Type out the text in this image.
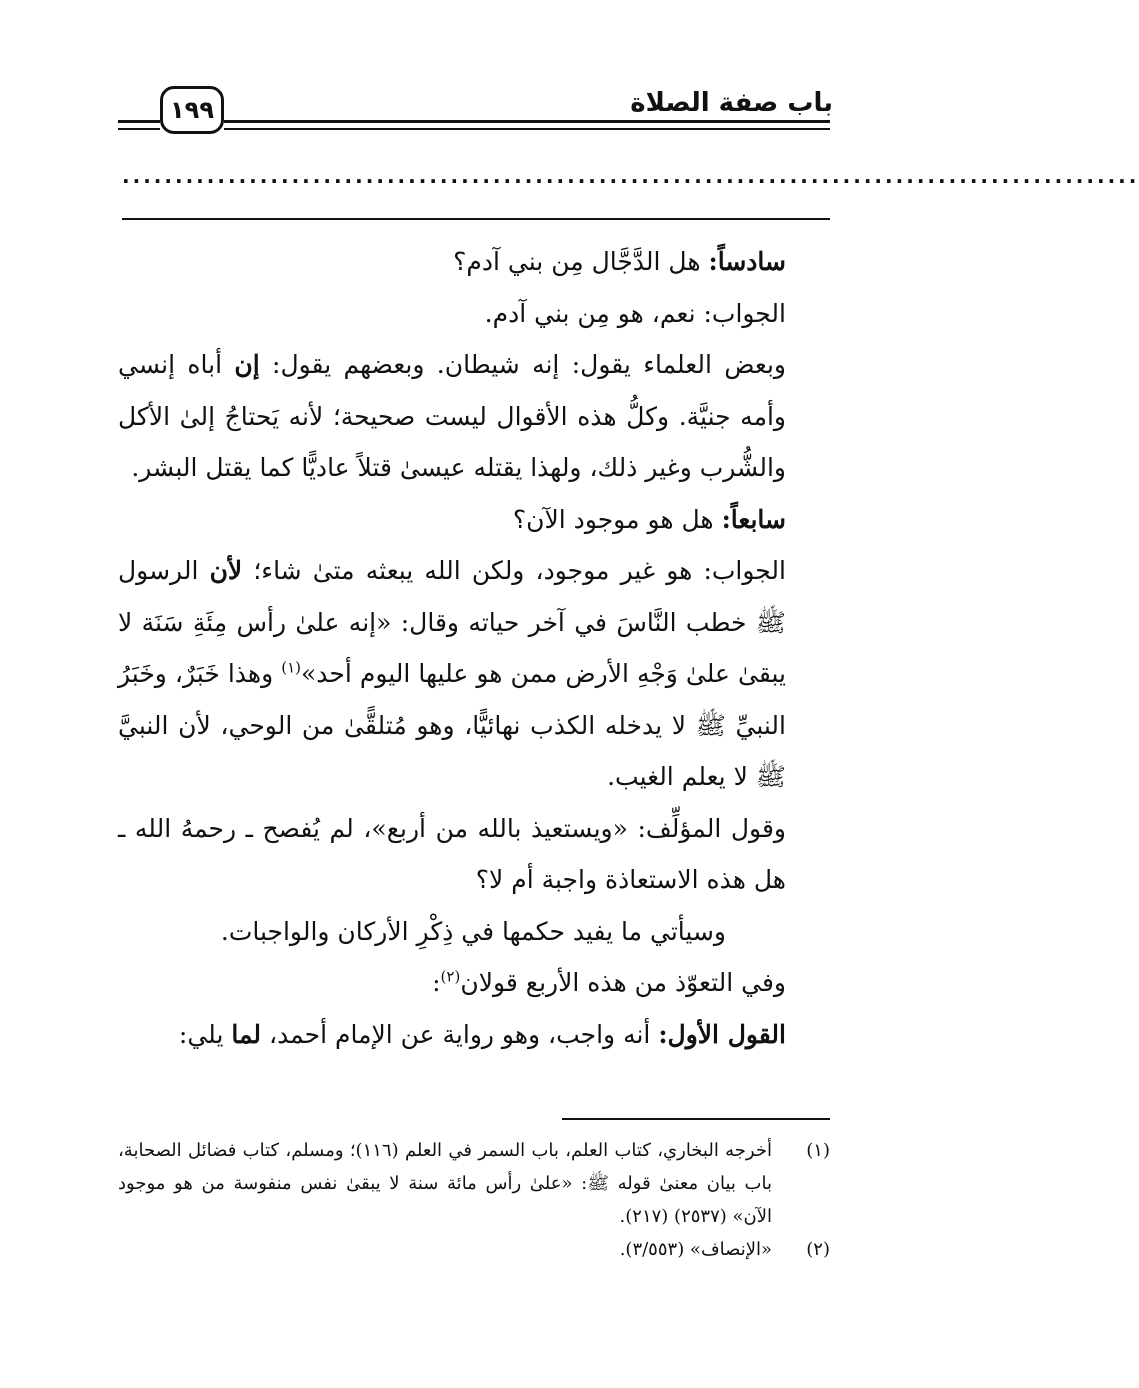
باب صفة الصلاة
١٩٩
................................................................................................

سادساً: هل الدَّجَّال مِن بني آدم؟

الجواب: نعم، هو مِن بني آدم.

وبعض العلماء يقول: إنه شيطان. وبعضهم يقول: إن أباه إنسي وأمه جنيَّة. وكلُّ هذه الأقوال ليست صحيحة؛ لأنه يَحتاجُ إلىٰ الأكل والشُّرب وغير ذلك، ولهذا يقتله عيسىٰ قتلاً عاديًّا كما يقتل البشر.

سابعاً: هل هو موجود الآن؟

الجواب: هو غير موجود، ولكن الله يبعثه متىٰ شاء؛ لأن الرسول ﷺ خطب النَّاسَ في آخر حياته وقال: «إنه علىٰ رأس مِئَةِ سَنَة لا يبقىٰ علىٰ وَجْهِ الأرض ممن هو عليها اليوم أحد»$^{(١)}$ وهذا خَبَرٌ، وخَبَرُ النبيِّ ﷺ لا يدخله الكذب نهائيًّا، وهو مُتلقًّىٰ من الوحي، لأن النبيَّ ﷺ لا يعلم الغيب.

وقول المؤلِّف: «ويستعيذ بالله من أربع»، لم يُفصح ـ رحمهُ الله ـ هل هذه الاستعاذة واجبة أم لا؟

وسيأتي ما يفيد حكمها في ذِكْرِ الأركان والواجبات.

وفي التعوّذ من هذه الأربع قولان$^{(٢)}$:

القول الأول: أنه واجب، وهو رواية عن الإمام أحمد، لما يلي:

(١)
أخرجه البخاري، كتاب العلم، باب السمر في العلم (١١٦)؛ ومسلم، كتاب فضائل الصحابة، باب بيان معنىٰ قوله ﷺ: «علىٰ رأس مائة سنة لا يبقىٰ نفس منفوسة من هو موجود الآن» (٢٥٣٧) (٢١٧).
(٢)
«الإنصاف» (٣/٥٥٣).
